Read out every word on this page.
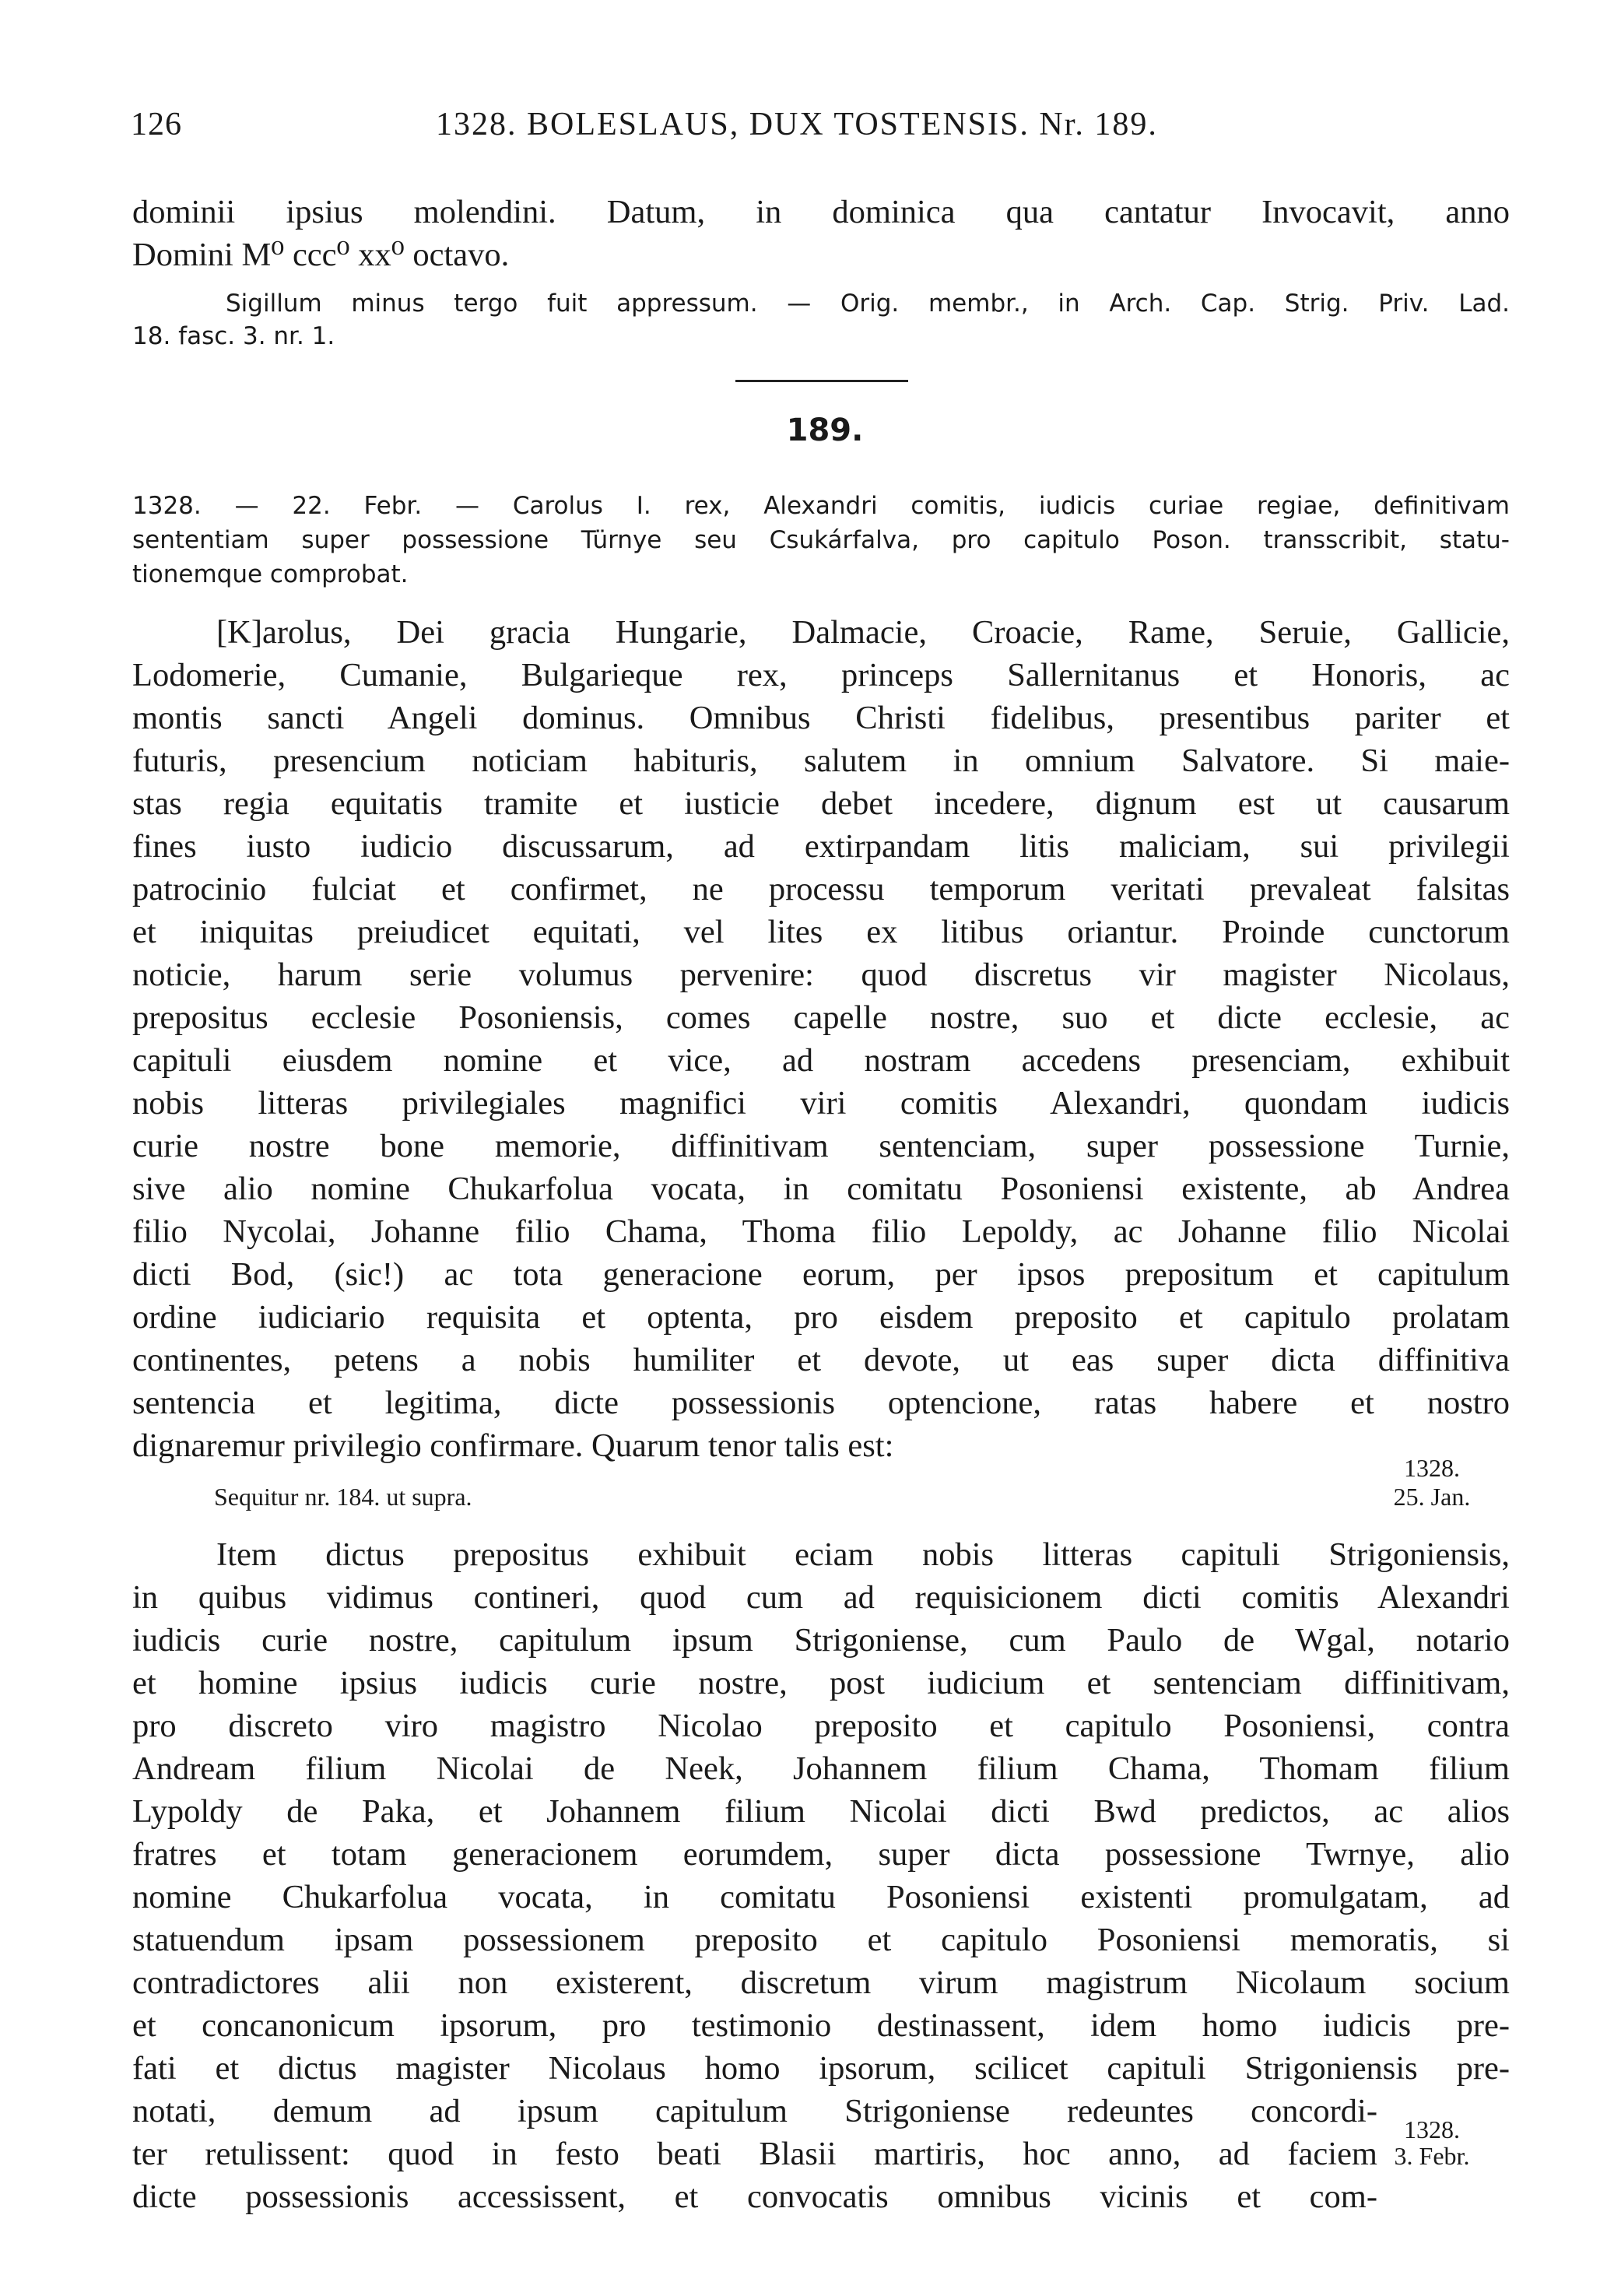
126	1328. BOLESLAUS, DUX TOSTENSIS. Nr. 189.
dominii ipsius molendini. Datum, in dominica qua cantatur Invocavit, anno
Domini M⁰ ccc⁰ xx⁰ octavo.
Sigillum minus tergo fuit appressum. — Orig. membr., in Arch. Cap. Strig. Priv. Lad.
18. fasc. 3. nr. 1.
189.
1328. — 22. Febr. — Carolus I. rex, Alexandri comitis, iudicis curiae regiae, definitivam
sententiam super possessione Türnye seu Csukárfalva, pro capitulo Poson. transscribit, statu-
tionemque comprobat.
[K]arolus, Dei gracia Hungarie, Dalmacie, Croacie, Rame, Seruie, Gallicie,
Lodomerie, Cumanie, Bulgarieque rex, princeps Sallernitanus et Honoris, ac
montis sancti Angeli dominus. Omnibus Christi fidelibus, presentibus pariter et
futuris, presencium noticiam habituris, salutem in omnium Salvatore. Si maie-
stas regia equitatis tramite et iusticie debet incedere, dignum est ut causarum
fines iusto iudicio discussarum, ad extirpandam litis maliciam, sui privilegii
patrocinio fulciat et confirmet, ne processu temporum veritati prevaleat falsitas
et iniquitas preiudicet equitati, vel lites ex litibus oriantur. Proinde cunctorum
noticie, harum serie volumus pervenire: quod discretus vir magister Nicolaus,
prepositus ecclesie Posoniensis, comes capelle nostre, suo et dicte ecclesie, ac
capituli eiusdem nomine et vice, ad nostram accedens presenciam, exhibuit
nobis litteras privilegiales magnifici viri comitis Alexandri, quondam iudicis
curie nostre bone memorie, diffinitivam sentenciam, super possessione Turnie,
sive alio nomine Chukarfolua vocata, in comitatu Posoniensi existente, ab Andrea
filio Nycolai, Johanne filio Chama, Thoma filio Lepoldy, ac Johanne filio Nicolai
dicti Bod, (sic!) ac tota generacione eorum, per ipsos prepositum et capitulum
ordine iudiciario requisita et optenta, pro eisdem preposito et capitulo prolatam
continentes, petens a nobis humiliter et devote, ut eas super dicta diffinitiva
sentencia et legitima, dicte possessionis optencione, ratas habere et nostro
dignaremur privilegio confirmare. Quarum tenor talis est:
Sequitur nr. 184. ut supra.
1328.
25. Jan.
Item dictus prepositus exhibuit eciam nobis litteras capituli Strigoniensis,
in quibus vidimus contineri, quod cum ad requisicionem dicti comitis Alexandri
iudicis curie nostre, capitulum ipsum Strigoniense, cum Paulo de Wgal, notario
et homine ipsius iudicis curie nostre, post iudicium et sentenciam diffinitivam,
pro discreto viro magistro Nicolao preposito et capitulo Posoniensi, contra
Andream filium Nicolai de Neek, Johannem filium Chama, Thomam filium
Lypoldy de Paka, et Johannem filium Nicolai dicti Bwd predictos, ac alios
fratres et totam generacionem eorumdem, super dicta possessione Twrnye, alio
nomine Chukarfolua vocata, in comitatu Posoniensi existenti promulgatam, ad
statuendum ipsam possessionem preposito et capitulo Posoniensi memoratis, si
contradictores alii non existerent, discretum virum magistrum Nicolaum socium
et concanonicum ipsorum, pro testimonio destinassent, idem homo iudicis pre-
fati et dictus magister Nicolaus homo ipsorum, scilicet capituli Strigoniensis pre-
notati, demum ad ipsum capitulum Strigoniense redeuntes concordi-
ter retulissent: quod in festo beati Blasii martiris, hoc anno, ad faciem
dicte possessionis accessissent, et convocatis omnibus vicinis et com-
1328.
3. Febr.
